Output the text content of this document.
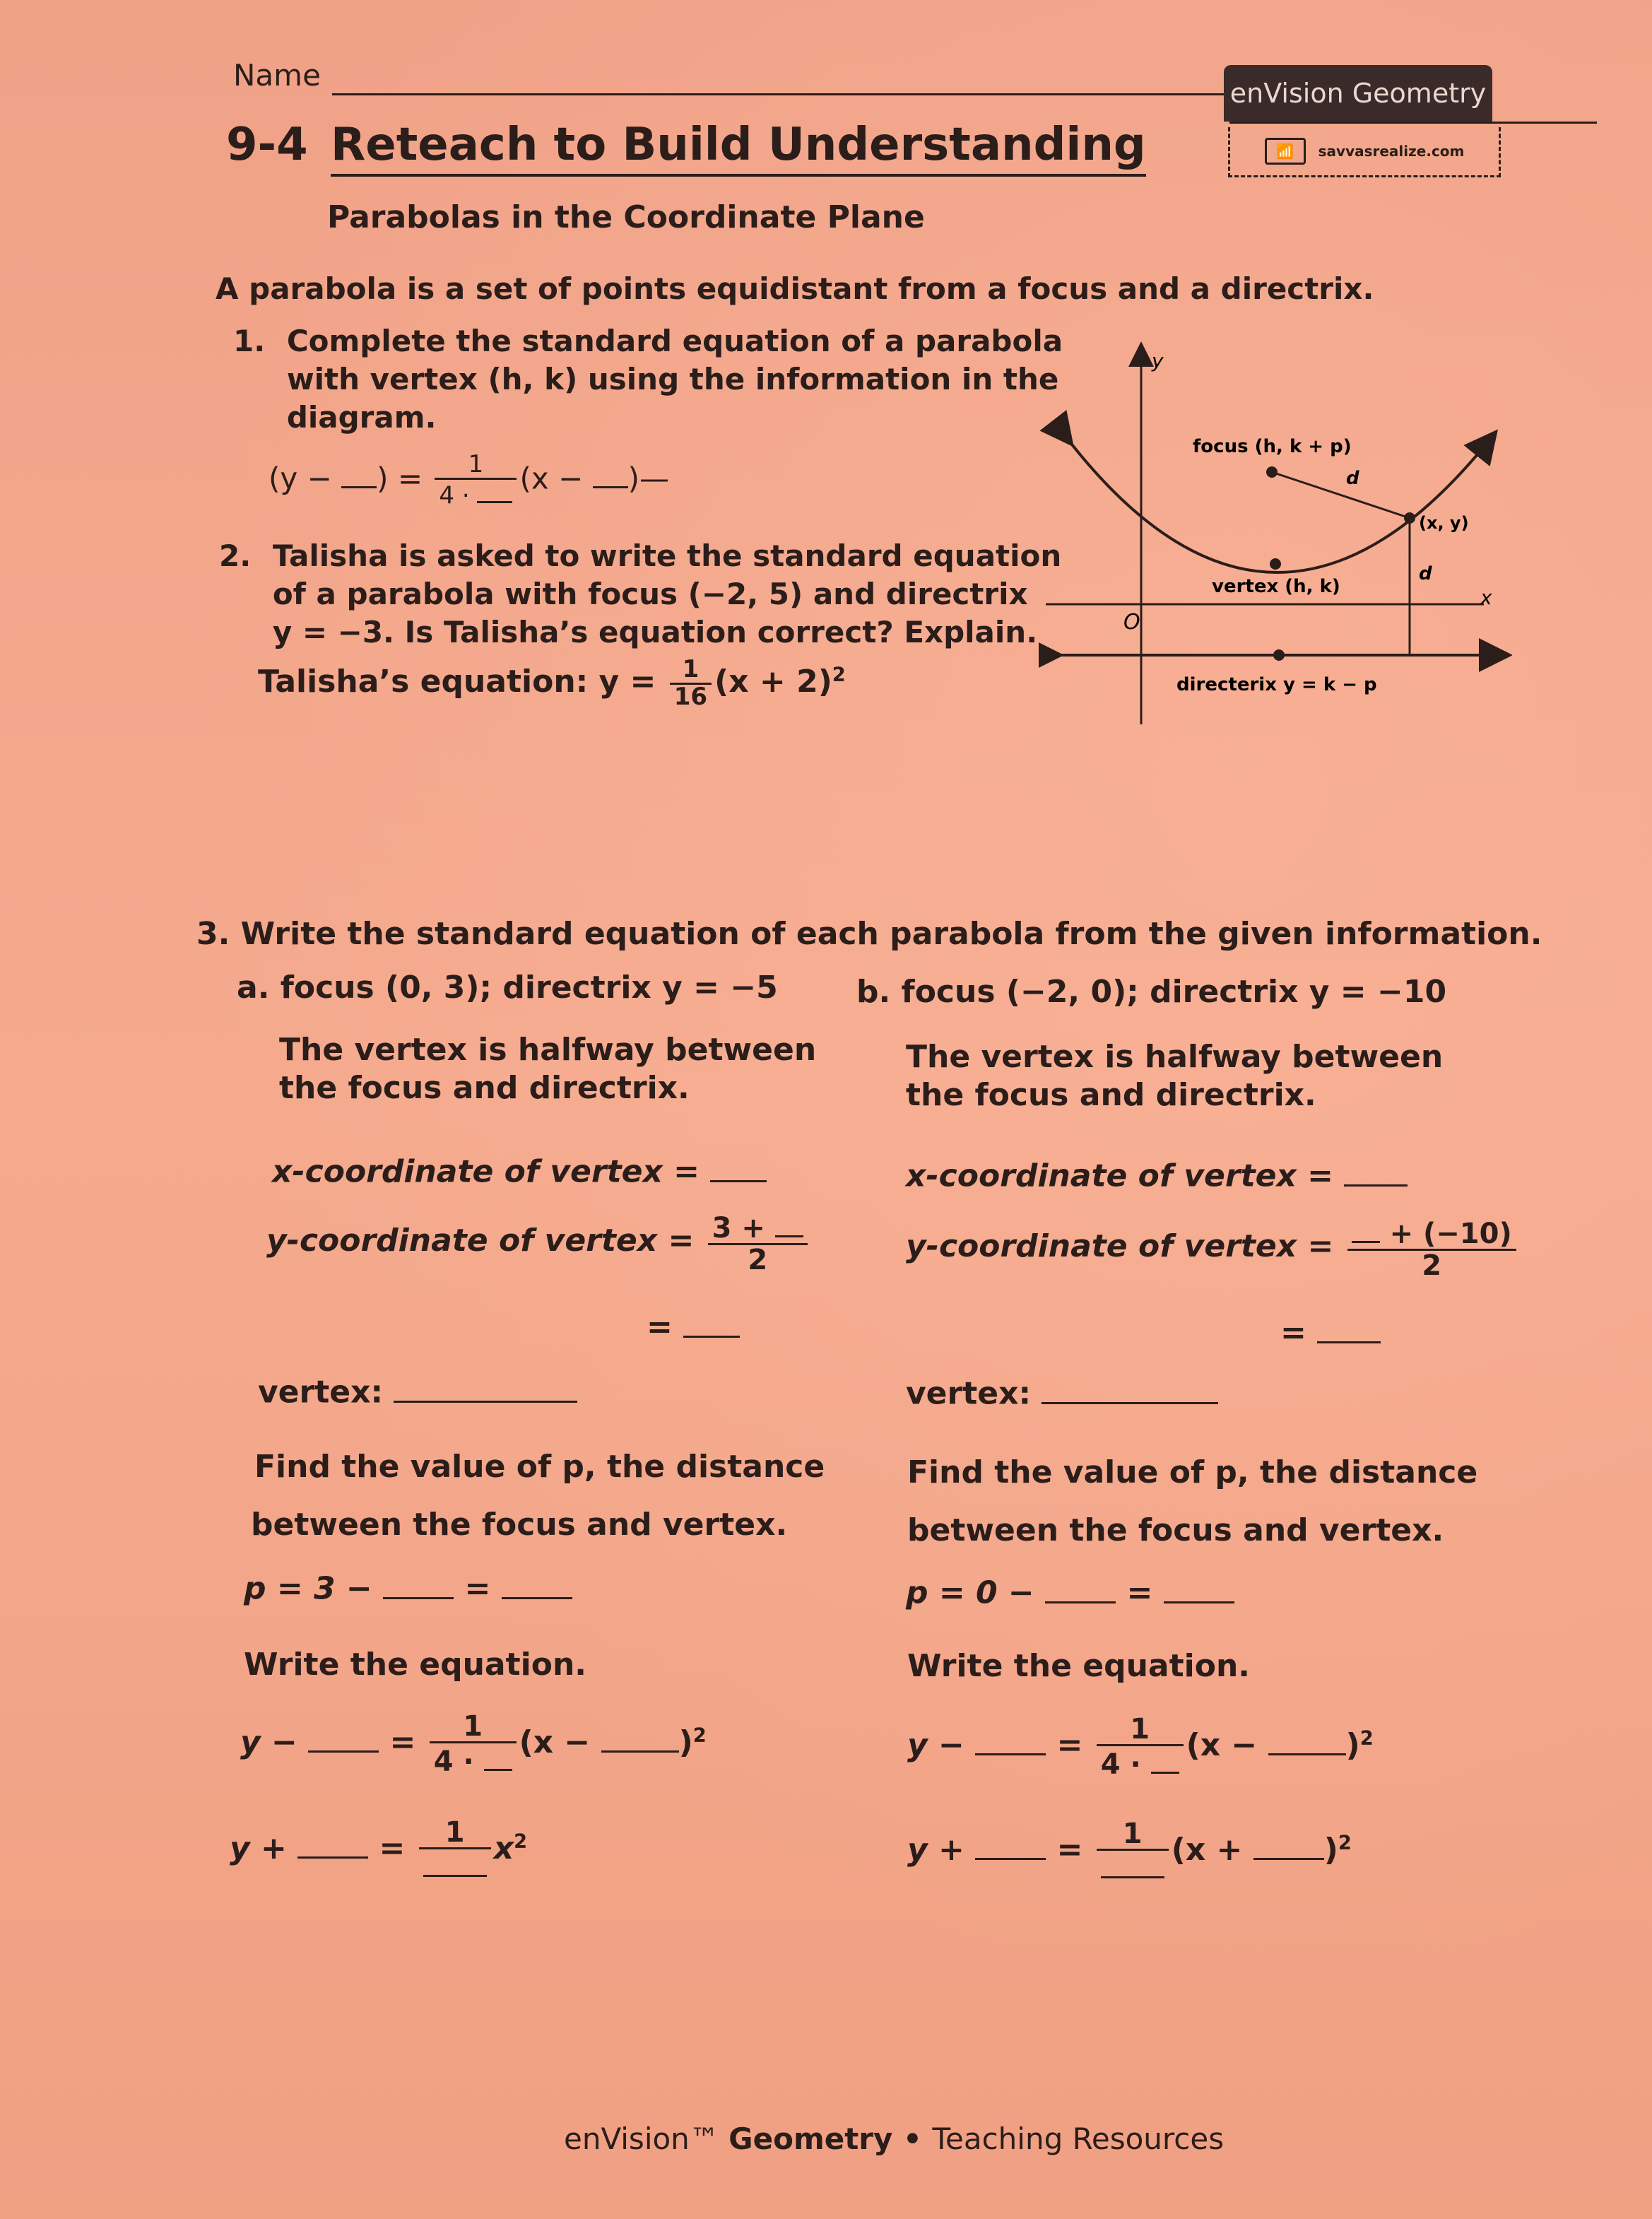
Name
enVision Geometry
📶	savvasrealize.com
9-4 Reteach to Build Understanding
Parabolas in the Coordinate Plane
A parabola is a set of points equidistant from a focus and a directrix.
1. Complete the standard equation of a parabola
with vertex (h, k) using the information in the
diagram.
(y − ) = $\frac{1}{4 \cdot} (x$ − )—
2. Talisha is asked to write the standard equation
of a parabola with focus (−2, 5) and directrix
y = −3. Is Talisha’s equation correct? Explain.
Talisha’s equation: $y = \frac{1}{16} (x + 2)^2$
y
x
O
focus (h, k + p)
d
(x, y)
d
vertex (h, k)
directerix y = k − p
3. Write the standard equation of each parabola from the given information.
a. focus (0, 3); directrix y = −5
The vertex is halfway between
the focus and directrix.
x-coordinate of vertex =
y-coordinate of vertex = $\frac{3 +}{2}$
=
vertex:
Find the value of p, the distance
between the focus and vertex.
p = 3 −  =
Write the equation.
y −  = $\frac{1}{4 \cdot} (x$ −	)$^2$
y +  =	1 $x^2$
b. focus (−2, 0); directrix y = −10
The vertex is halfway between
the focus and directrix.
x-coordinate of vertex =
y-coordinate of vertex = $\frac{+ (-10)}{2}$
=
vertex:
Find the value of p, the distance
between the focus and vertex.
p = 0 −  =
Write the equation.
y −  = $\frac{1}{4 \cdot} (x$ −	)$^2$
y +  =	1 $(x + )^2$
enVision™ Geometry • Teaching Resources
